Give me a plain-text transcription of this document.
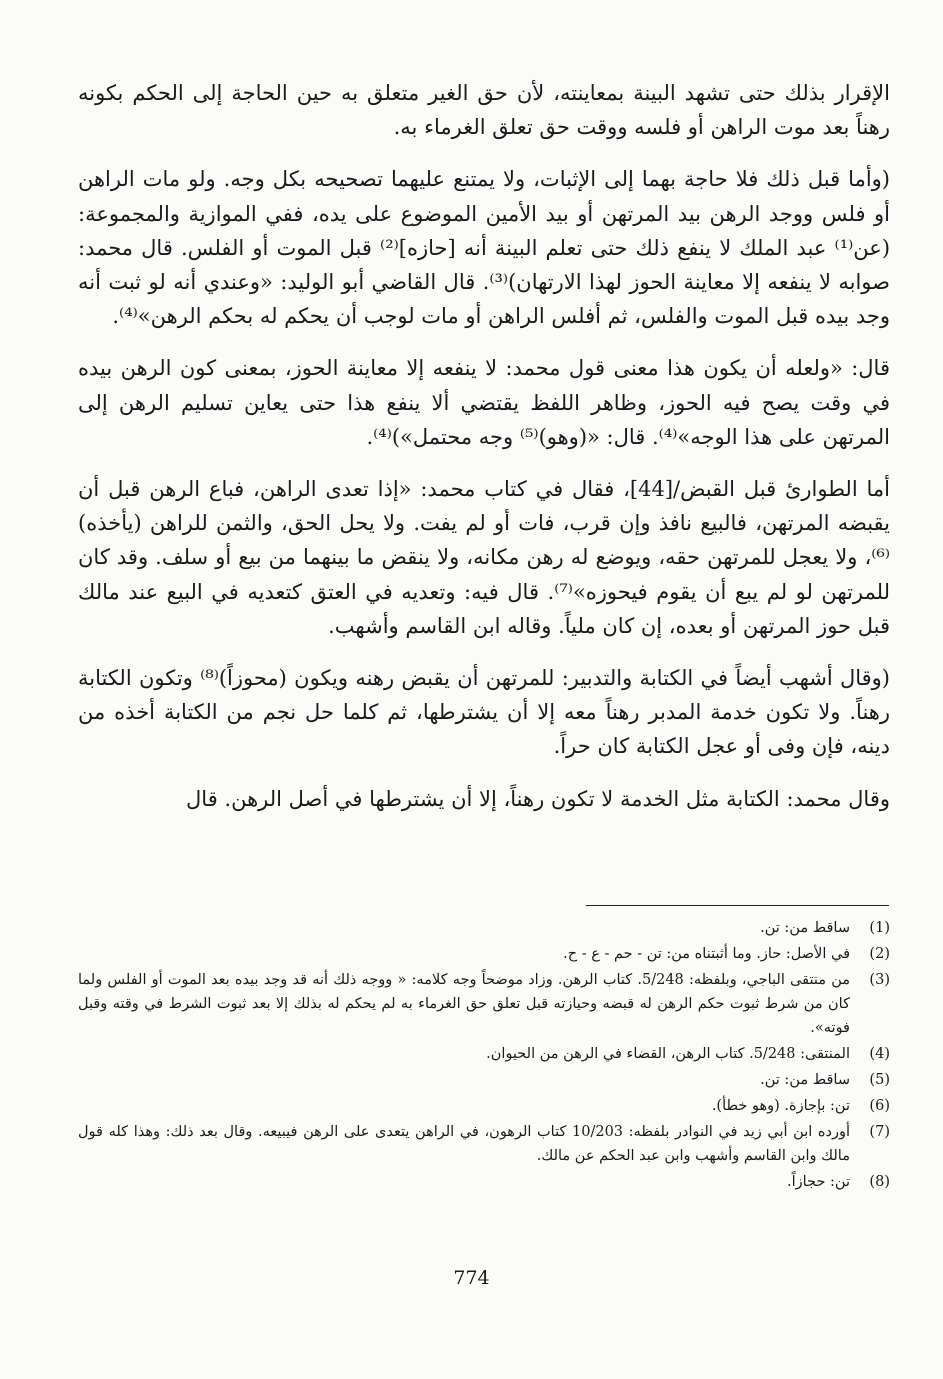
الإقرار بذلك حتى تشهد البينة بمعاينته، لأن حق الغير متعلق به حين الحاجة إلى الحكم بكونه رهناً بعد موت الراهن أو فلسه ووقت حق تعلق الغرماء به.

(وأما قبل ذلك فلا حاجة بهما إلى الإثبات، ولا يمتنع عليهما تصحيحه بكل وجه. ولو مات الراهن أو فلس ووجد الرهن بيد المرتهن أو بيد الأمين الموضوع على يده، ففي الموازية والمجموعة: (عن⁽¹⁾ عبد الملك لا ينفع ذلك حتى تعلم البينة أنه [حازه]⁽²⁾ قبل الموت أو الفلس. قال محمد: صوابه لا ينفعه إلا معاينة الحوز لهذا الارتهان)⁽³⁾. قال القاضي أبو الوليد: «وعندي أنه لو ثبت أنه وجد بيده قبل الموت والفلس، ثم أفلس الراهن أو مات لوجب أن يحكم له بحكم الرهن»⁽⁴⁾.

قال: «ولعله أن يكون هذا معنى قول محمد: لا ينفعه إلا معاينة الحوز، بمعنى كون الرهن بيده في وقت يصح فيه الحوز، وظاهر اللفظ يقتضي ألا ينفع هذا حتى يعاين تسليم الرهن إلى المرتهن على هذا الوجه»⁽⁴⁾. قال: «(وهو)⁽⁵⁾ وجه محتمل»)⁽⁴⁾.

أما الطوارئ قبل القبض/[44]، فقال في كتاب محمد: «إذا تعدى الراهن، فباع الرهن قبل أن يقبضه المرتهن، فالبيع نافذ وإن قرب، فات أو لم يفت. ولا يحل الحق، والثمن للراهن (يأخذه)⁽⁶⁾، ولا يعجل للمرتهن حقه، ويوضع له رهن مكانه، ولا ينقض ما بينهما من بيع أو سلف. وقد كان للمرتهن لو لم يبع أن يقوم فيحوزه»⁽⁷⁾. قال فيه: وتعديه في العتق كتعديه في البيع عند مالك قبل حوز المرتهن أو بعده، إن كان ملياً. وقاله ابن القاسم وأشهب.

(وقال أشهب أيضاً في الكتابة والتدبير: للمرتهن أن يقبض رهنه ويكون (محوزاً)⁽⁸⁾ وتكون الكتابة رهناً. ولا تكون خدمة المدبر رهناً معه إلا أن يشترطها، ثم كلما حل نجم من الكتابة أخذه من دينه، فإن وفى أو عجل الكتابة كان حراً.

وقال محمد: الكتابة مثل الخدمة لا تكون رهناً، إلا أن يشترطها في أصل الرهن. قال

(1)
ساقط من: تن.
(2)
في الأصل: حاز. وما أثبتناه من: تن - حم - ع - ح.
(3)
من منتقى الباجي، وبلفظه: 5/248. كتاب الرهن. وزاد موضحاً وجه كلامه: « ووجه ذلك أنه قد وجد بيده بعد الموت أو الفلس ولما كان من شرط ثبوت حكم الرهن له قبضه وحيازته قبل تعلق حق الغرماء به لم يحكم له بذلك إلا بعد ثبوت الشرط في وقته وقبل فوته».
(4)
المنتقى: 5/248. كتاب الرهن، القضاء في الرهن من الحيوان.
(5)
ساقط من: تن.
(6)
تن: بإجازة. (وهو خطأ).
(7)
أورده ابن أبي زيد في النوادر بلفظه: 10/203 كتاب الرهون، في الراهن يتعدى على الرهن فيبيعه. وقال بعد ذلك: وهذا كله قول مالك وابن القاسم وأشهب وابن عبد الحكم عن مالك.
(8)
تن: حجازاً.
774
